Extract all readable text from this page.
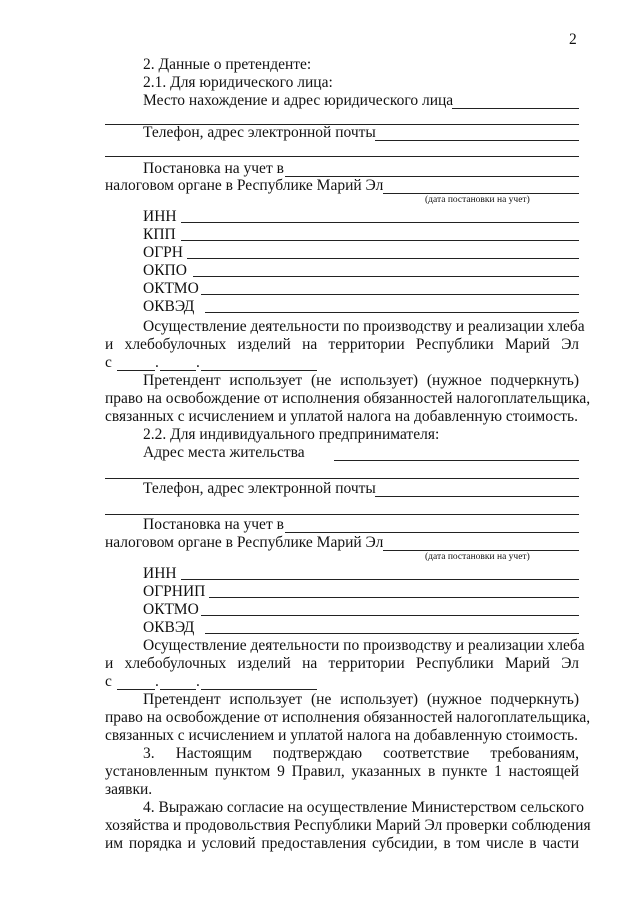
2
2. Данные о претенденте:
2.1. Для юридического лица:
Место нахождение и адрес юридического лица
Телефон, адрес электронной почты
Постановка на учет в
налоговом органе в Республике Марий Эл
(дата постановки на учет)
ИНН
КПП
ОГРН
ОКПО
ОКТМО
ОКВЭД
Осуществление деятельности по производству и реализации хлеба
и хлебобулочных изделий на территории Республики Марий Эл
с	. .
Претендент использует (не использует) (нужное подчеркнуть)
право на освобождение от исполнения обязанностей налогоплательщика,
связанных с исчислением и уплатой налога на добавленную стоимость.
2.2. Для индивидуального предпринимателя:
Адрес места жительства
Телефон, адрес электронной почты
Постановка на учет в
налоговом органе в Республике Марий Эл
(дата постановки на учет)
ИНН
ОГРНИП
ОКТМО
ОКВЭД
Осуществление деятельности по производству и реализации хлеба
и хлебобулочных изделий на территории Республики Марий Эл
с	. .
Претендент использует (не использует) (нужное подчеркнуть)
право на освобождение от исполнения обязанностей налогоплательщика,
связанных с исчислением и уплатой налога на добавленную стоимость.
3. Настоящим подтверждаю соответствие требованиям,
установленным пунктом 9 Правил, указанных в пункте 1 настоящей
заявки.
4. Выражаю согласие на осуществление Министерством сельского
хозяйства и продовольствия Республики Марий Эл проверки соблюдения
им порядка и условий предоставления субсидии, в том числе в части
